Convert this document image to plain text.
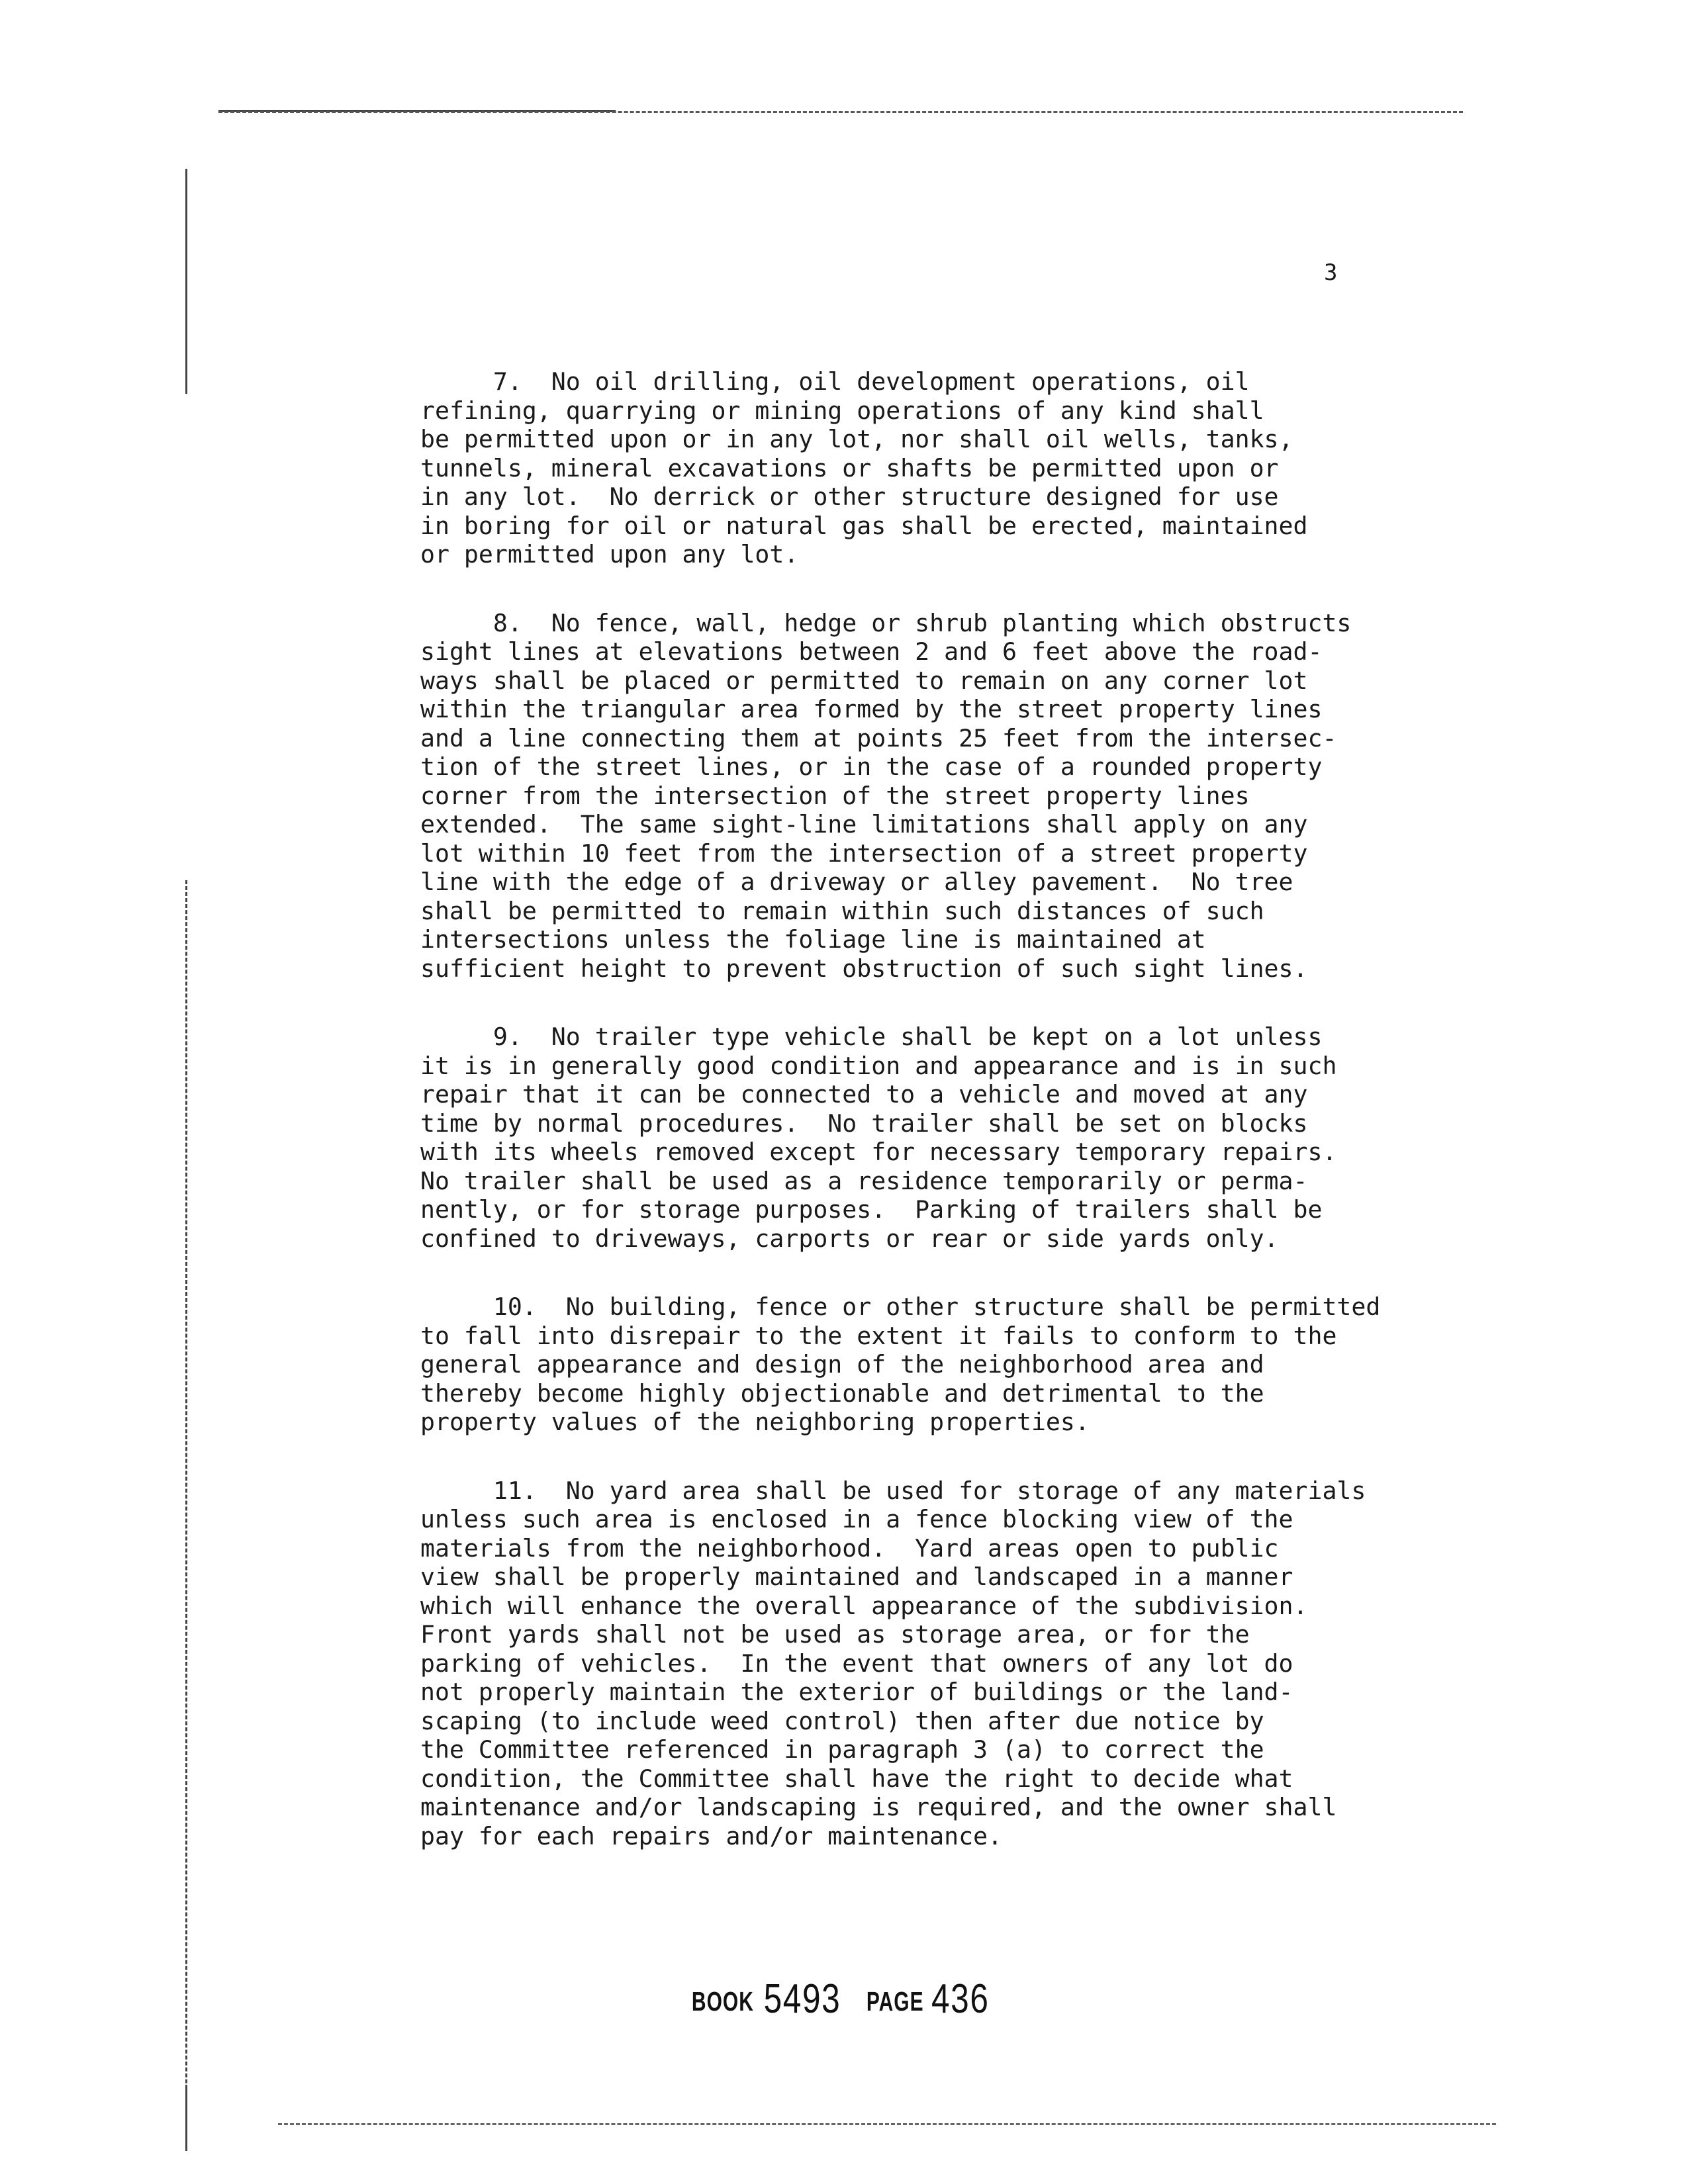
3
7.  No oil drilling, oil development operations, oil
refining, quarrying or mining operations of any kind shall
be permitted upon or in any lot, nor shall oil wells, tanks,
tunnels, mineral excavations or shafts be permitted upon or
in any lot.  No derrick or other structure designed for use
in boring for oil or natural gas shall be erected, maintained
or permitted upon any lot.
8.  No fence, wall, hedge or shrub planting which obstructs
sight lines at elevations between 2 and 6 feet above the road-
ways shall be placed or permitted to remain on any corner lot
within the triangular area formed by the street property lines
and a line connecting them at points 25 feet from the intersec-
tion of the street lines, or in the case of a rounded property
corner from the intersection of the street property lines
extended.  The same sight-line limitations shall apply on any
lot within 10 feet from the intersection of a street property
line with the edge of a driveway or alley pavement.  No tree
shall be permitted to remain within such distances of such
intersections unless the foliage line is maintained at
sufficient height to prevent obstruction of such sight lines.
9.  No trailer type vehicle shall be kept on a lot unless
it is in generally good condition and appearance and is in such
repair that it can be connected to a vehicle and moved at any
time by normal procedures.  No trailer shall be set on blocks
with its wheels removed except for necessary temporary repairs.
No trailer shall be used as a residence temporarily or perma-
nently, or for storage purposes.  Parking of trailers shall be
confined to driveways, carports or rear or side yards only.
10.  No building, fence or other structure shall be permitted
to fall into disrepair to the extent it fails to conform to the
general appearance and design of the neighborhood area and
thereby become highly objectionable and detrimental to the
property values of the neighboring properties.
11.  No yard area shall be used for storage of any materials
unless such area is enclosed in a fence blocking view of the
materials from the neighborhood.  Yard areas open to public
view shall be properly maintained and landscaped in a manner
which will enhance the overall appearance of the subdivision.
Front yards shall not be used as storage area, or for the
parking of vehicles.  In the event that owners of any lot do
not properly maintain the exterior of buildings or the land-
scaping (to include weed control) then after due notice by
the Committee referenced in paragraph 3 (a) to correct the
condition, the Committee shall have the right to decide what
maintenance and/or landscaping is required, and the owner shall
pay for each repairs and/or maintenance.
BOOK 5493 PAGE 436
